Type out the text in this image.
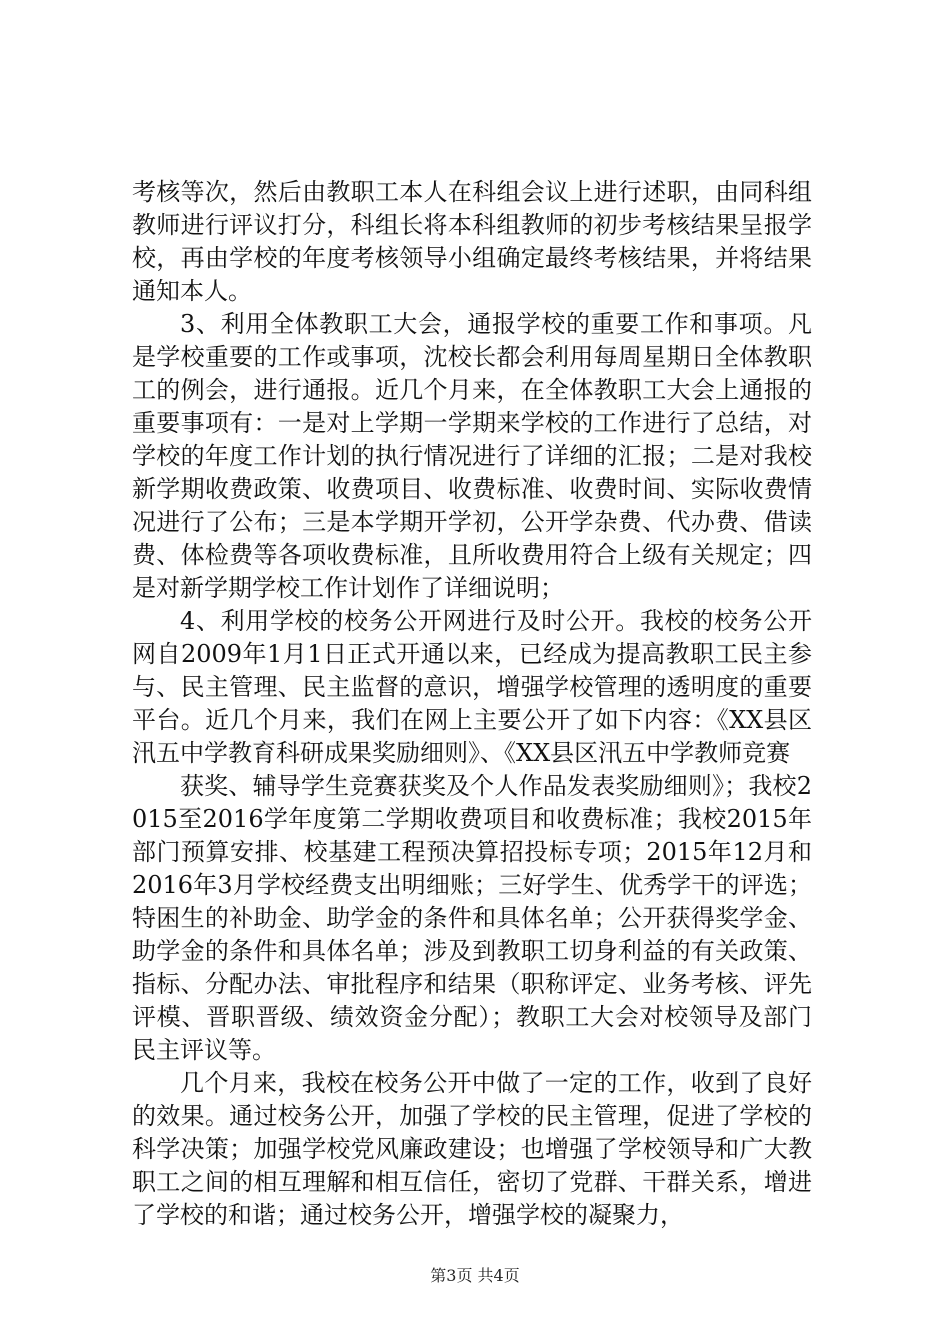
考核等次，然后由教职工本人在科组会议上进行述职，由同科组教师进行评议打分，科组长将本科组教师的初步考核结果呈报学校，再由学校的年度考核领导小组确定最终考核结果，并将结果通知本人。

3、利用全体教职工大会，通报学校的重要工作和事项。凡是学校重要的工作或事项，沈校长都会利用每周星期日全体教职工的例会，进行通报。近几个月来，在全体教职工大会上通报的重要事项有：一是对上学期一学期来学校的工作进行了总结，对学校的年度工作计划的执行情况进行了详细的汇报；二是对我校新学期收费政策、收费项目、收费标准、收费时间、实际收费情况进行了公布；三是本学期开学初，公开学杂费、代办费、借读费、体检费等各项收费标准，且所收费用符合上级有关规定；四是对新学期学校工作计划作了详细说明；

4、利用学校的校务公开网进行及时公开。我校的校务公开网自2009年1月1日正式开通以来，已经成为提高教职工民主参与、民主管理、民主监督的意识，增强学校管理的透明度的重要平台。近几个月来，我们在网上主要公开了如下内容：《XX县区汛五中学教育科研成果奖励细则》、《XX县区汛五中学教师竞赛

获奖、辅导学生竞赛获奖及个人作品发表奖励细则》；我校2015至2016学年度第二学期收费项目和收费标准；我校2015年部门预算安排、校基建工程预决算招投标专项；2015年12月和2016年3月学校经费支出明细账；三好学生、优秀学干的评选；特困生的补助金、助学金的条件和具体名单；公开获得奖学金、助学金的条件和具体名单；涉及到教职工切身利益的有关政策、指标、分配办法、审批程序和结果（职称评定、业务考核、评先评模、晋职晋级、绩效资金分配）；教职工大会对校领导及部门民主评议等。

几个月来，我校在校务公开中做了一定的工作，收到了良好的效果。通过校务公开，加强了学校的民主管理，促进了学校的科学决策；加强学校党风廉政建设；也增强了学校领导和广大教职工之间的相互理解和相互信任，密切了党群、干群关系，增进了学校的和谐；通过校务公开，增强学校的凝聚力，

第3页 共4页
